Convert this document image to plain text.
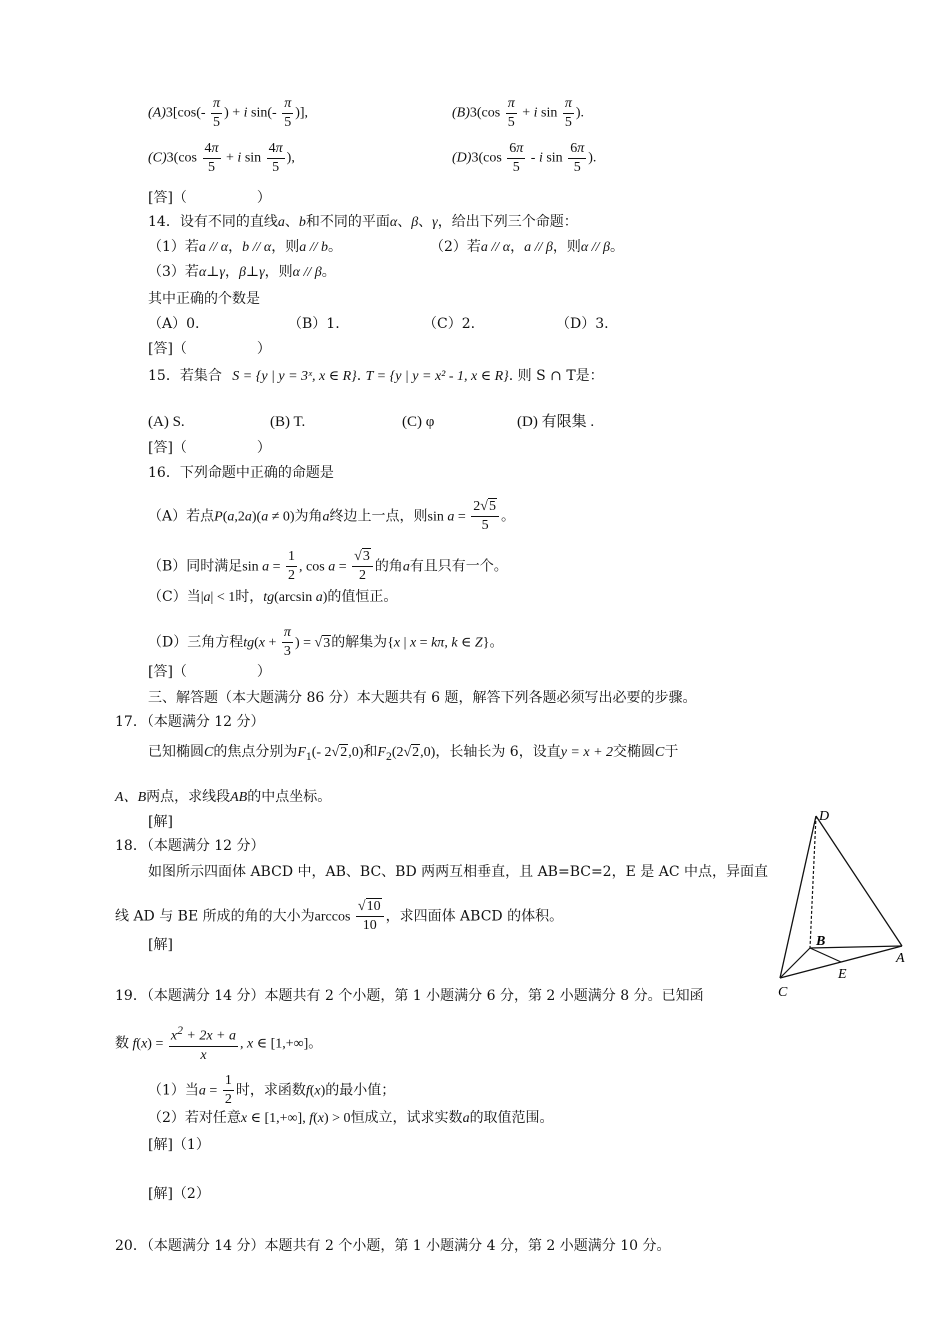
$(A)3[\cos(- \frac{\pi}{5}$ ) + i $\sin(- \frac{\pi}{5}$ )],	$(B)3(\cos \frac{\pi}{5} + i$ $\sin \frac{\pi}{5}$ ).
$(C)3(\cos \frac{4\pi}{5} + i$ $\sin \frac{4\pi}{5}$ ),	$(D)3(\cos \frac{6\pi}{5}$ - i $\sin \frac{6\pi}{5}$ ).
[答]（　　　　　）
14．设有不同的直线a、b和不同的平面α、β、γ，给出下列三个命题：
（1）若a // α，b // α，则a // b。	（2）若a // α，a // β，则α // β。
（3）若α⊥γ，β⊥γ，则α // β。
其中正确的个数是
（A）0.	（B）1.	（C）2.	（D）3.
[答]（　　　　　）
15．若集合 S = {y | y = 3ˣ, x ∈ R}. T = {y | y = x² - 1, x ∈ R}. 则 S ∩ T是：
(A) S.	(B) T.	(C) φ	(D) 有限集 .
[答]（　　　　　）
16．下列命题中正确的命题是
（A）若点P(a,2a)(a ≠ 0)为角a终边上一点，则$\sin a = \frac{2√5}{5}$ 。
（B）同时满足$\sin a = \frac{1}{2}$ , $\cos a = \frac{√3}{2}$ 的角a有且只有一个。
（C）当|a| < 1时，tg(arcsin a)的值恒正。
（D）三角方程$tg(x + \frac{\pi}{3}$ ) = √3的解集为{x | x = kπ, k ∈ Z}。
[答]（　　　　　）
三、解答题（本大题满分 86 分）本大题共有 6 题，解答下列各题必须写出必要的步骤。
17．（本题满分 12 分）
已知椭圆C的焦点分别为$F_1(-$ 2√2,0)和$F_2(2√2,0)$，长轴长为 6，设直y = x + 2交椭圆C于
A、B两点，求线段AB的中点坐标。
[解]
18．（本题满分 12 分）
如图所示四面体 ABCD 中，AB、BC、BD 两两互相垂直，且 AB=BC=2，E 是 AC 中点，异面直
线 AD 与 BE 所成的角的大小为$\arccos \frac{√10}{10}$ ，求四面体 ABCD 的体积。
[解]
D
B
A
C
E
19．（本题满分 14 分）本题共有 2 个小题，第 1 小题满分 6 分，第 2 小题满分 8 分。已知函
数 $f(x) = \frac{x^2 + 2x + a}{x}$ , x ∈ [1,+∞]。
（1）当$a = \frac{1}{2}$ 时，求函数f(x)的最小值；
（2）若对任意x ∈ [1,+∞], f(x) > 0恒成立，试求实数a的取值范围。
[解]（1）
[解]（2）
20．（本题满分 14 分）本题共有 2 个小题，第 1 小题满分 4 分，第 2 小题满分 10 分。
